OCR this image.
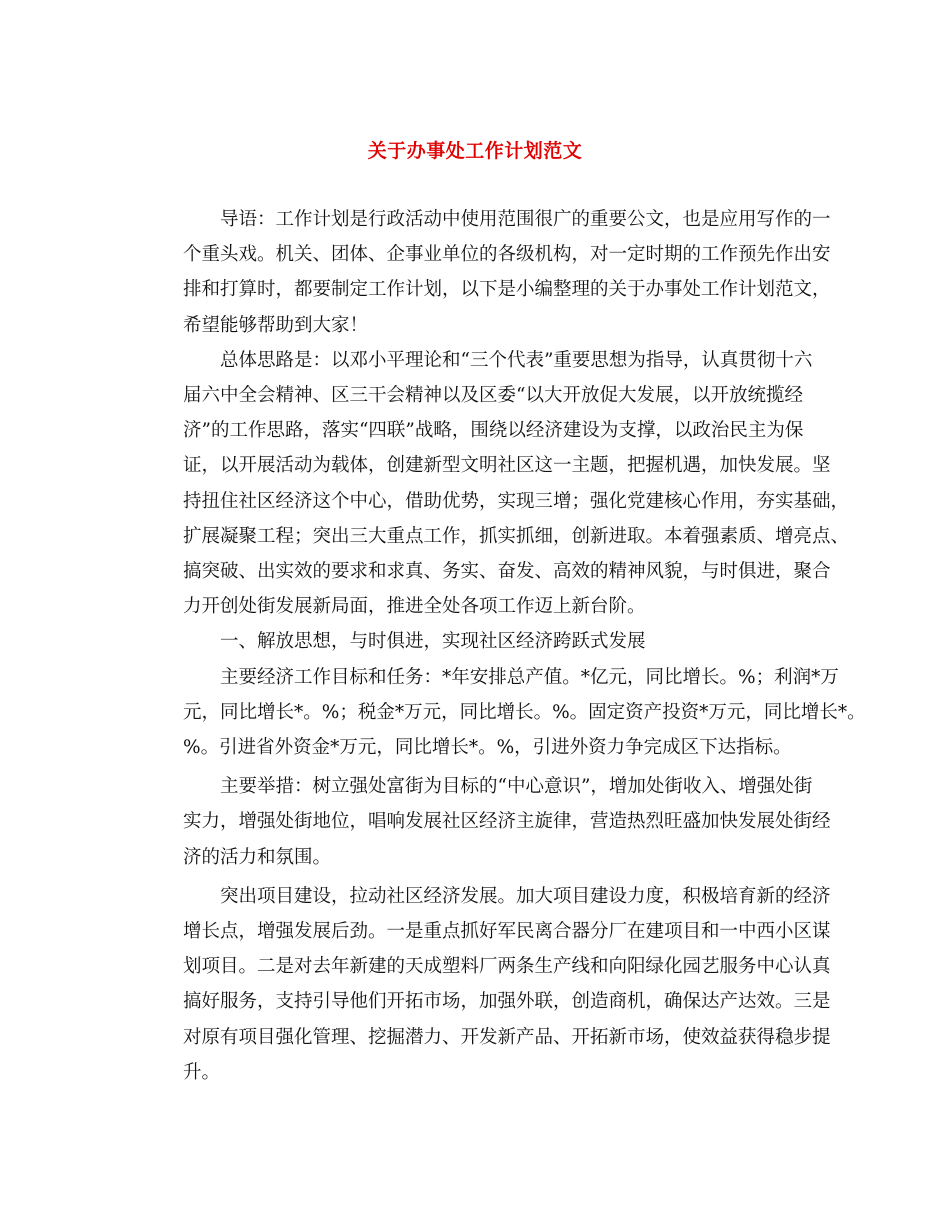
关于办事处工作计划范文

导语：工作计划是行政活动中使用范围很广的重要公文，也是应用写作的一
个重头戏。机关、团体、企事业单位的各级机构，对一定时期的工作预先作出安
排和打算时，都要制定工作计划，以下是小编整理的关于办事处工作计划范文，
希望能够帮助到大家！

总体思路是：以邓小平理论和“三个代表”重要思想为指导，认真贯彻十六
届六中全会精神、区三干会精神以及区委“以大开放促大发展，以开放统揽经
济”的工作思路，落实“四联”战略，围绕以经济建设为支撑，以政治民主为保
证，以开展活动为载体，创建新型文明社区这一主题，把握机遇，加快发展。坚
持扭住社区经济这个中心，借助优势，实现三增；强化党建核心作用，夯实基础，
扩展凝聚工程；突出三大重点工作，抓实抓细，创新进取。本着强素质、增亮点、
搞突破、出实效的要求和求真、务实、奋发、高效的精神风貌，与时俱进，聚合
力开创处街发展新局面，推进全处各项工作迈上新台阶。

一、解放思想，与时俱进，实现社区经济跨跃式发展

主要经济工作目标和任务：*年安排总产值。*亿元，同比增长。%；利润*万
元，同比增长*。%；税金*万元，同比增长。%。固定资产投资*万元，同比增长*。
%。引进省外资金*万元，同比增长*。%，引进外资力争完成区下达指标。

主要举措：树立强处富街为目标的“中心意识”，增加处街收入、增强处街
实力，增强处街地位，唱响发展社区经济主旋律，营造热烈旺盛加快发展处街经
济的活力和氛围。

突出项目建设，拉动社区经济发展。加大项目建设力度，积极培育新的经济
增长点，增强发展后劲。一是重点抓好军民离合器分厂在建项目和一中西小区谋
划项目。二是对去年新建的天成塑料厂两条生产线和向阳绿化园艺服务中心认真
搞好服务，支持引导他们开拓市场，加强外联，创造商机，确保达产达效。三是
对原有项目强化管理、挖掘潜力、开发新产品、开拓新市场，使效益获得稳步提
升。
